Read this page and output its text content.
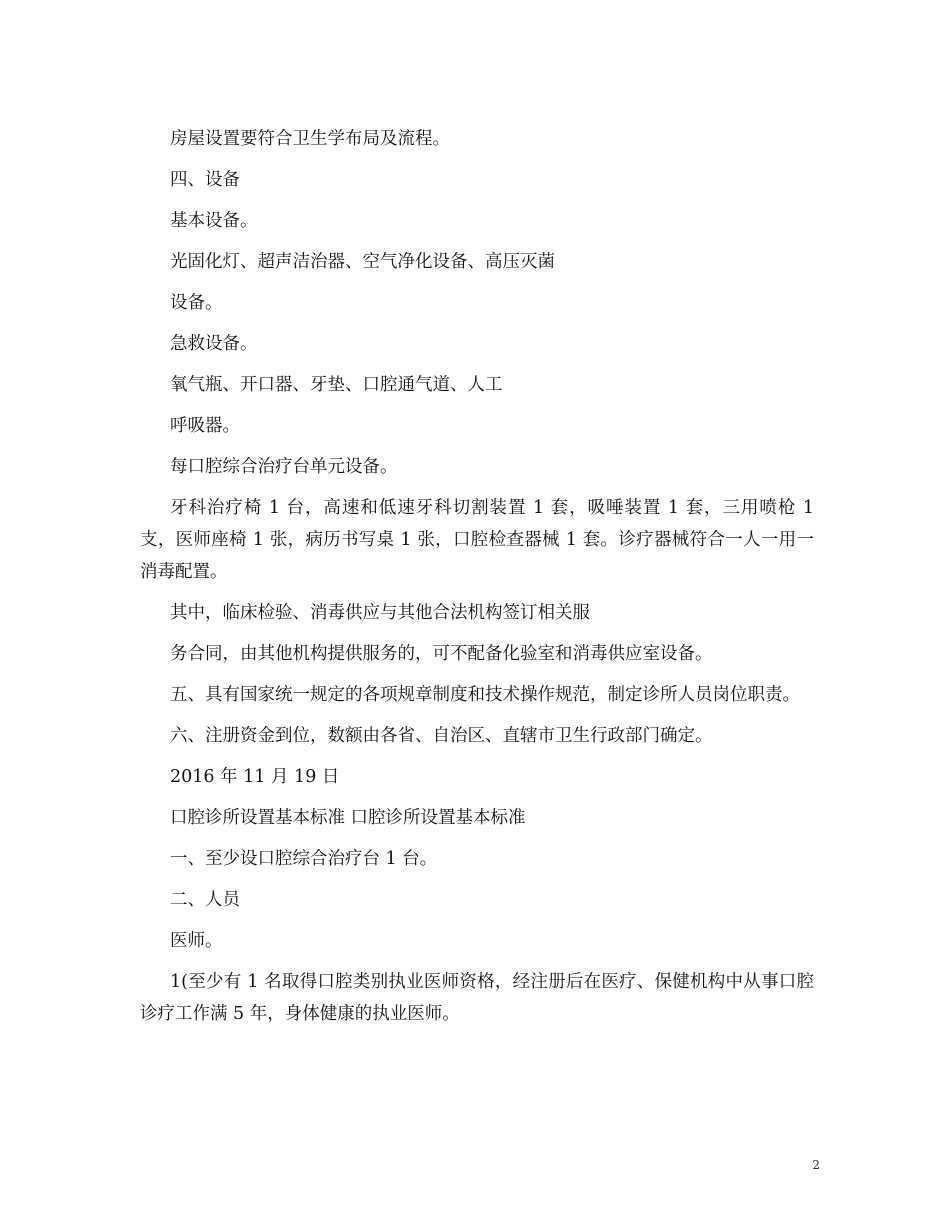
房屋设置要符合卫生学布局及流程。

四、设备

基本设备。

光固化灯、超声洁治器、空气净化设备、高压灭菌

设备。

急救设备。

氧气瓶、开口器、牙垫、口腔通气道、人工

呼吸器。

每口腔综合治疗台单元设备。

牙科治疗椅 1 台，高速和低速牙科切割装置 1 套，吸唾装置 1 套，三用喷枪 1 支，医师座椅 1 张，病历书写桌 1 张，口腔检查器械 1 套。诊疗器械符合一人一用一消毒配置。

其中，临床检验、消毒供应与其他合法机构签订相关服

务合同，由其他机构提供服务的，可不配备化验室和消毒供应室设备。

五、具有国家统一规定的各项规章制度和技术操作规范，制定诊所人员岗位职责。

六、注册资金到位，数额由各省、自治区、直辖市卫生行政部门确定。

2016 年 11 月 19 日

口腔诊所设置基本标准 口腔诊所设置基本标准

一、至少设口腔综合治疗台 1 台。

二、人员

医师。

1(至少有 1 名取得口腔类别执业医师资格，经注册后在医疗、保健机构中从事口腔诊疗工作满 5 年，身体健康的执业医师。

2
